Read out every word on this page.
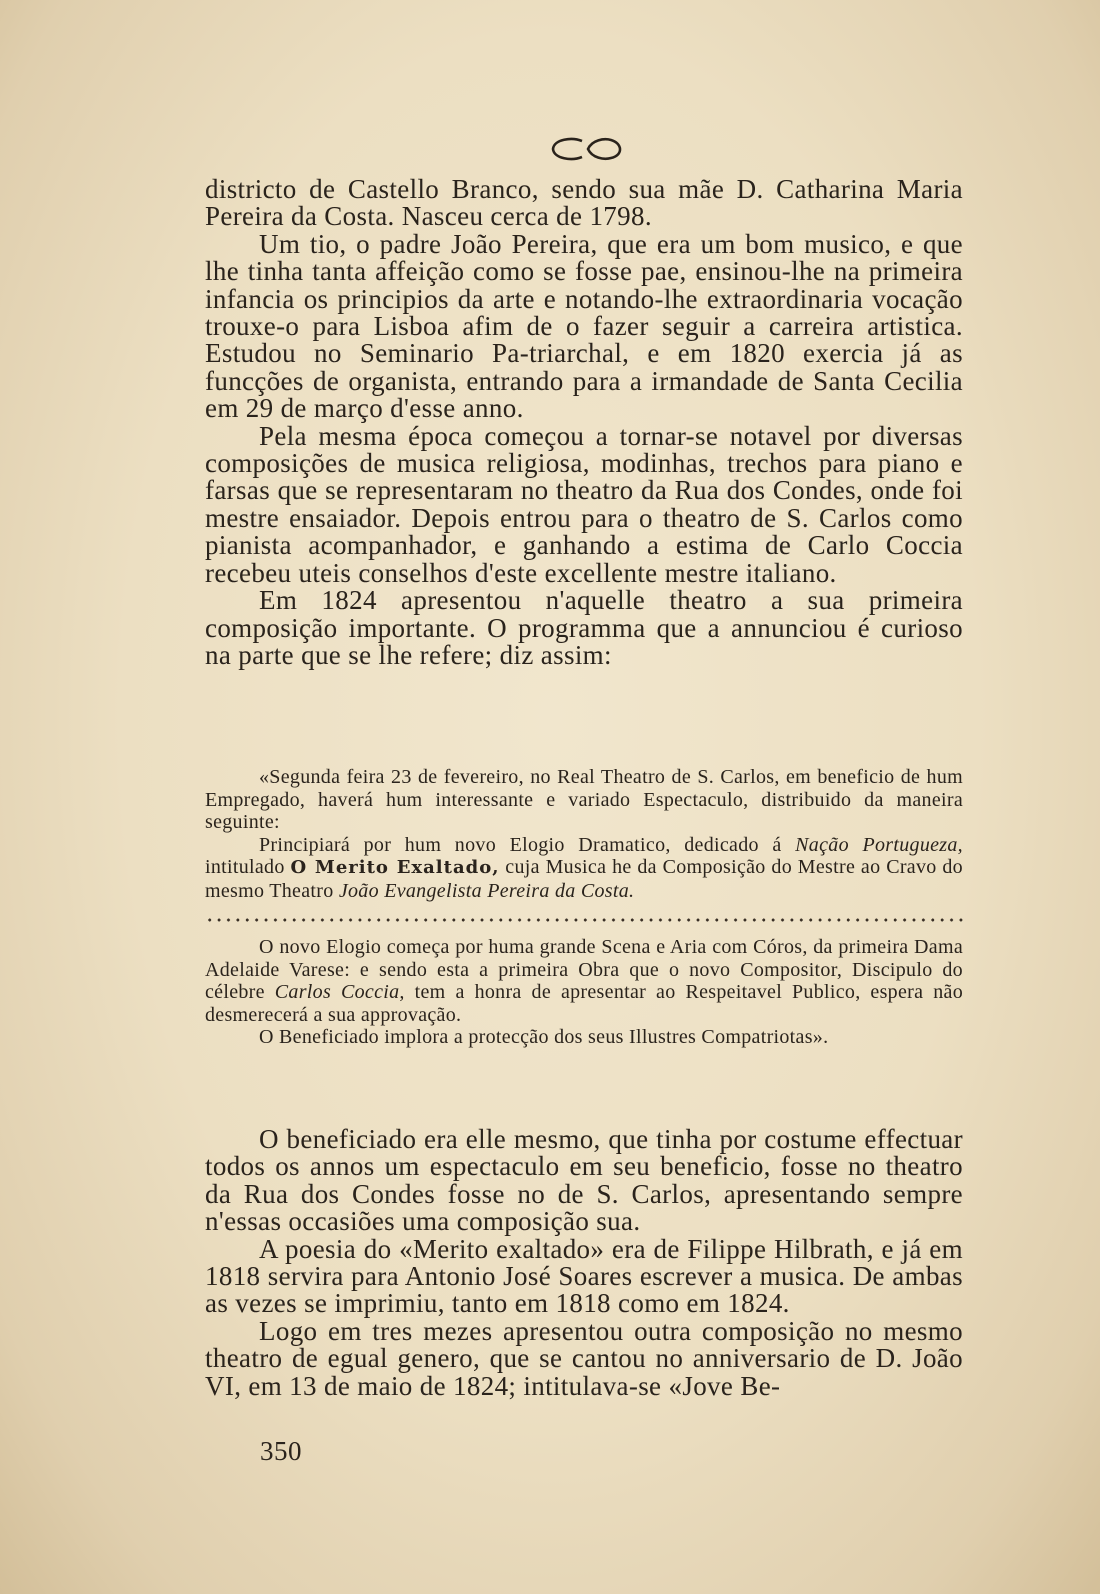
districto de Castello Branco, sendo sua mãe D. Catharina Maria Pereira da Costa. Nasceu cerca de 1798.

Um tio, o padre João Pereira, que era um bom musico, e que lhe tinha tanta affeição como se fosse pae, ensinou-lhe na primeira infancia os principios da arte e notando-lhe extraordinaria vocação trouxe-o para Lisboa afim de o fazer seguir a carreira artistica. Estudou no Seminario Pa-triarchal, e em 1820 exercia já as funcções de organista, entrando para a irmandade de Santa Cecilia em 29 de março d'esse anno.

Pela mesma época começou a tornar-se notavel por diversas composições de musica religiosa, modinhas, trechos para piano e farsas que se representaram no theatro da Rua dos Condes, onde foi mestre ensaiador. Depois entrou para o theatro de S. Carlos como pianista acompanhador, e ganhando a estima de Carlo Coccia recebeu uteis conselhos d'este excellente mestre italiano.

Em 1824 apresentou n'aquelle theatro a sua primeira composição importante. O programma que a annunciou é curioso na parte que se lhe refere; diz assim:

«Segunda feira 23 de fevereiro, no Real Theatro de S. Carlos, em beneficio de hum Empregado, haverá hum interessante e variado Espectaculo, distribuido da maneira seguinte:

Principiará por hum novo Elogio Dramatico, dedicado á Nação Portugueza, intitulado O Merito Exaltado, cuja Musica he da Composição do Mestre ao Cravo do mesmo Theatro João Evangelista Pereira da Costa.

O novo Elogio começa por huma grande Scena e Aria com Córos, da primeira Dama Adelaide Varese: e sendo esta a primeira Obra que o novo Compositor, Discipulo do célebre Carlos Coccia, tem a honra de apresentar ao Respeitavel Publico, espera não desmerecerá a sua approvação.

O Beneficiado implora a protecção dos seus Illustres Compatriotas».

O beneficiado era elle mesmo, que tinha por costume effectuar todos os annos um espectaculo em seu beneficio, fosse no theatro da Rua dos Condes fosse no de S. Carlos, apresentando sempre n'essas occasiões uma composição sua.

A poesia do «Merito exaltado» era de Filippe Hilbrath, e já em 1818 servira para Antonio José Soares escrever a musica. De ambas as vezes se imprimiu, tanto em 1818 como em 1824.

Logo em tres mezes apresentou outra composição no mesmo theatro de egual genero, que se cantou no anniversario de D. João VI, em 13 de maio de 1824; intitulava-se «Jove Be-

350
